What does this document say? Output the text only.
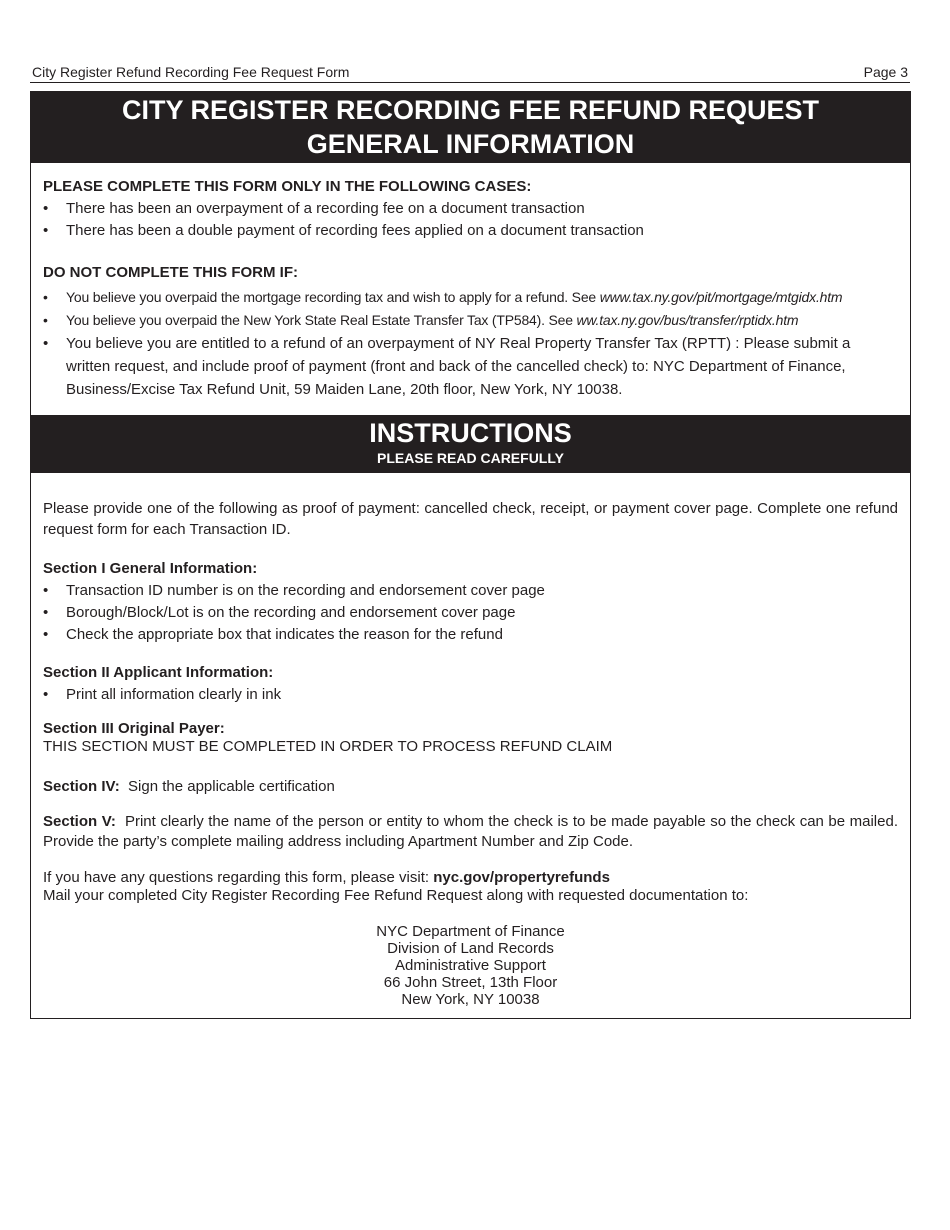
City Register Refund Recording Fee Request Form	Page 3
CITY REGISTER RECORDING FEE REFUND REQUEST
GENERAL INFORMATION
PLEASE COMPLETE THIS FORM ONLY IN THE FOLLOWING CASES:
• There has been an overpayment of a recording fee on a document transaction
• There has been a double payment of recording fees applied on a document transaction
DO NOT COMPLETE THIS FORM IF:
• You believe you overpaid the mortgage recording tax and wish to apply for a refund. See www.tax.ny.gov/pit/mortgage/mtgidx.htm
• You believe you overpaid the New York State Real Estate Transfer Tax (TP584). See ww.tax.ny.gov/bus/transfer/rptidx.htm
• You believe you are entitled to a refund of an overpayment of NY Real Property Transfer Tax (RPTT) : Please submit a written request, and include proof of payment (front and back of the cancelled check) to: NYC Department of Finance, Business/Excise Tax Refund Unit, 59 Maiden Lane, 20th floor, New York, NY 10038.
INSTRUCTIONS
PLEASE READ CAREFULLY
Please provide one of the following as proof of payment: cancelled check, receipt, or payment cover page. Complete one refund request form for each Transaction ID.
Section I General Information:
• Transaction ID number is on the recording and endorsement cover page
• Borough/Block/Lot is on the recording and endorsement cover page
• Check the appropriate box that indicates the reason for the refund
Section II Applicant Information:
• Print all information clearly in ink
Section III Original Payer:
THIS SECTION MUST BE COMPLETED IN ORDER TO PROCESS REFUND CLAIM
Section IV: Sign the applicable certification
Section V: Print clearly the name of the person or entity to whom the check is to be made payable so the check can be mailed. Provide the party’s complete mailing address including Apartment Number and Zip Code.
If you have any questions regarding this form, please visit: nyc.gov/propertyrefunds
Mail your completed City Register Recording Fee Refund Request along with requested documentation to:
NYC Department of Finance
Division of Land Records
Administrative Support
66 John Street, 13th Floor
New York, NY 10038
